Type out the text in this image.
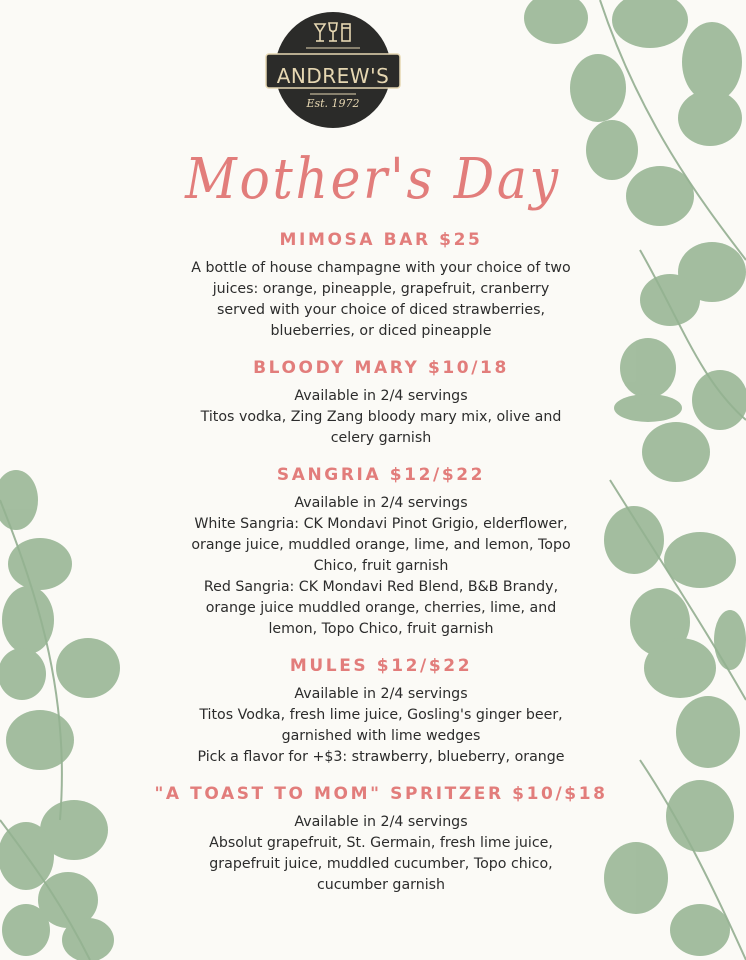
ANDREW'S
Est. 1972
Mother's Day

MIMOSA BAR $25

A bottle of house champagne with your choice of two

juices: orange, pineapple, grapefruit, cranberry

served with your choice of diced strawberries,

blueberries, or diced pineapple

BLOODY MARY $10/18

Available in 2/4 servings

Titos vodka, Zing Zang bloody mary mix, olive and

celery garnish

SANGRIA $12/$22

Available in 2/4 servings

White Sangria: CK Mondavi Pinot Grigio, elderflower,

orange juice, muddled orange, lime, and lemon, Topo

Chico, fruit garnish

Red Sangria: CK Mondavi Red Blend, B&B Brandy,

orange juice muddled orange, cherries, lime, and

lemon, Topo Chico, fruit garnish

MULES $12/$22

Available in 2/4 servings

Titos Vodka, fresh lime juice, Gosling's ginger beer,

garnished with lime wedges

Pick a flavor for +$3: strawberry, blueberry, orange

"A TOAST TO MOM" SPRITZER $10/$18

Available in 2/4 servings

Absolut grapefruit, St. Germain, fresh lime juice,

grapefruit juice, muddled cucumber, Topo chico,

cucumber garnish
